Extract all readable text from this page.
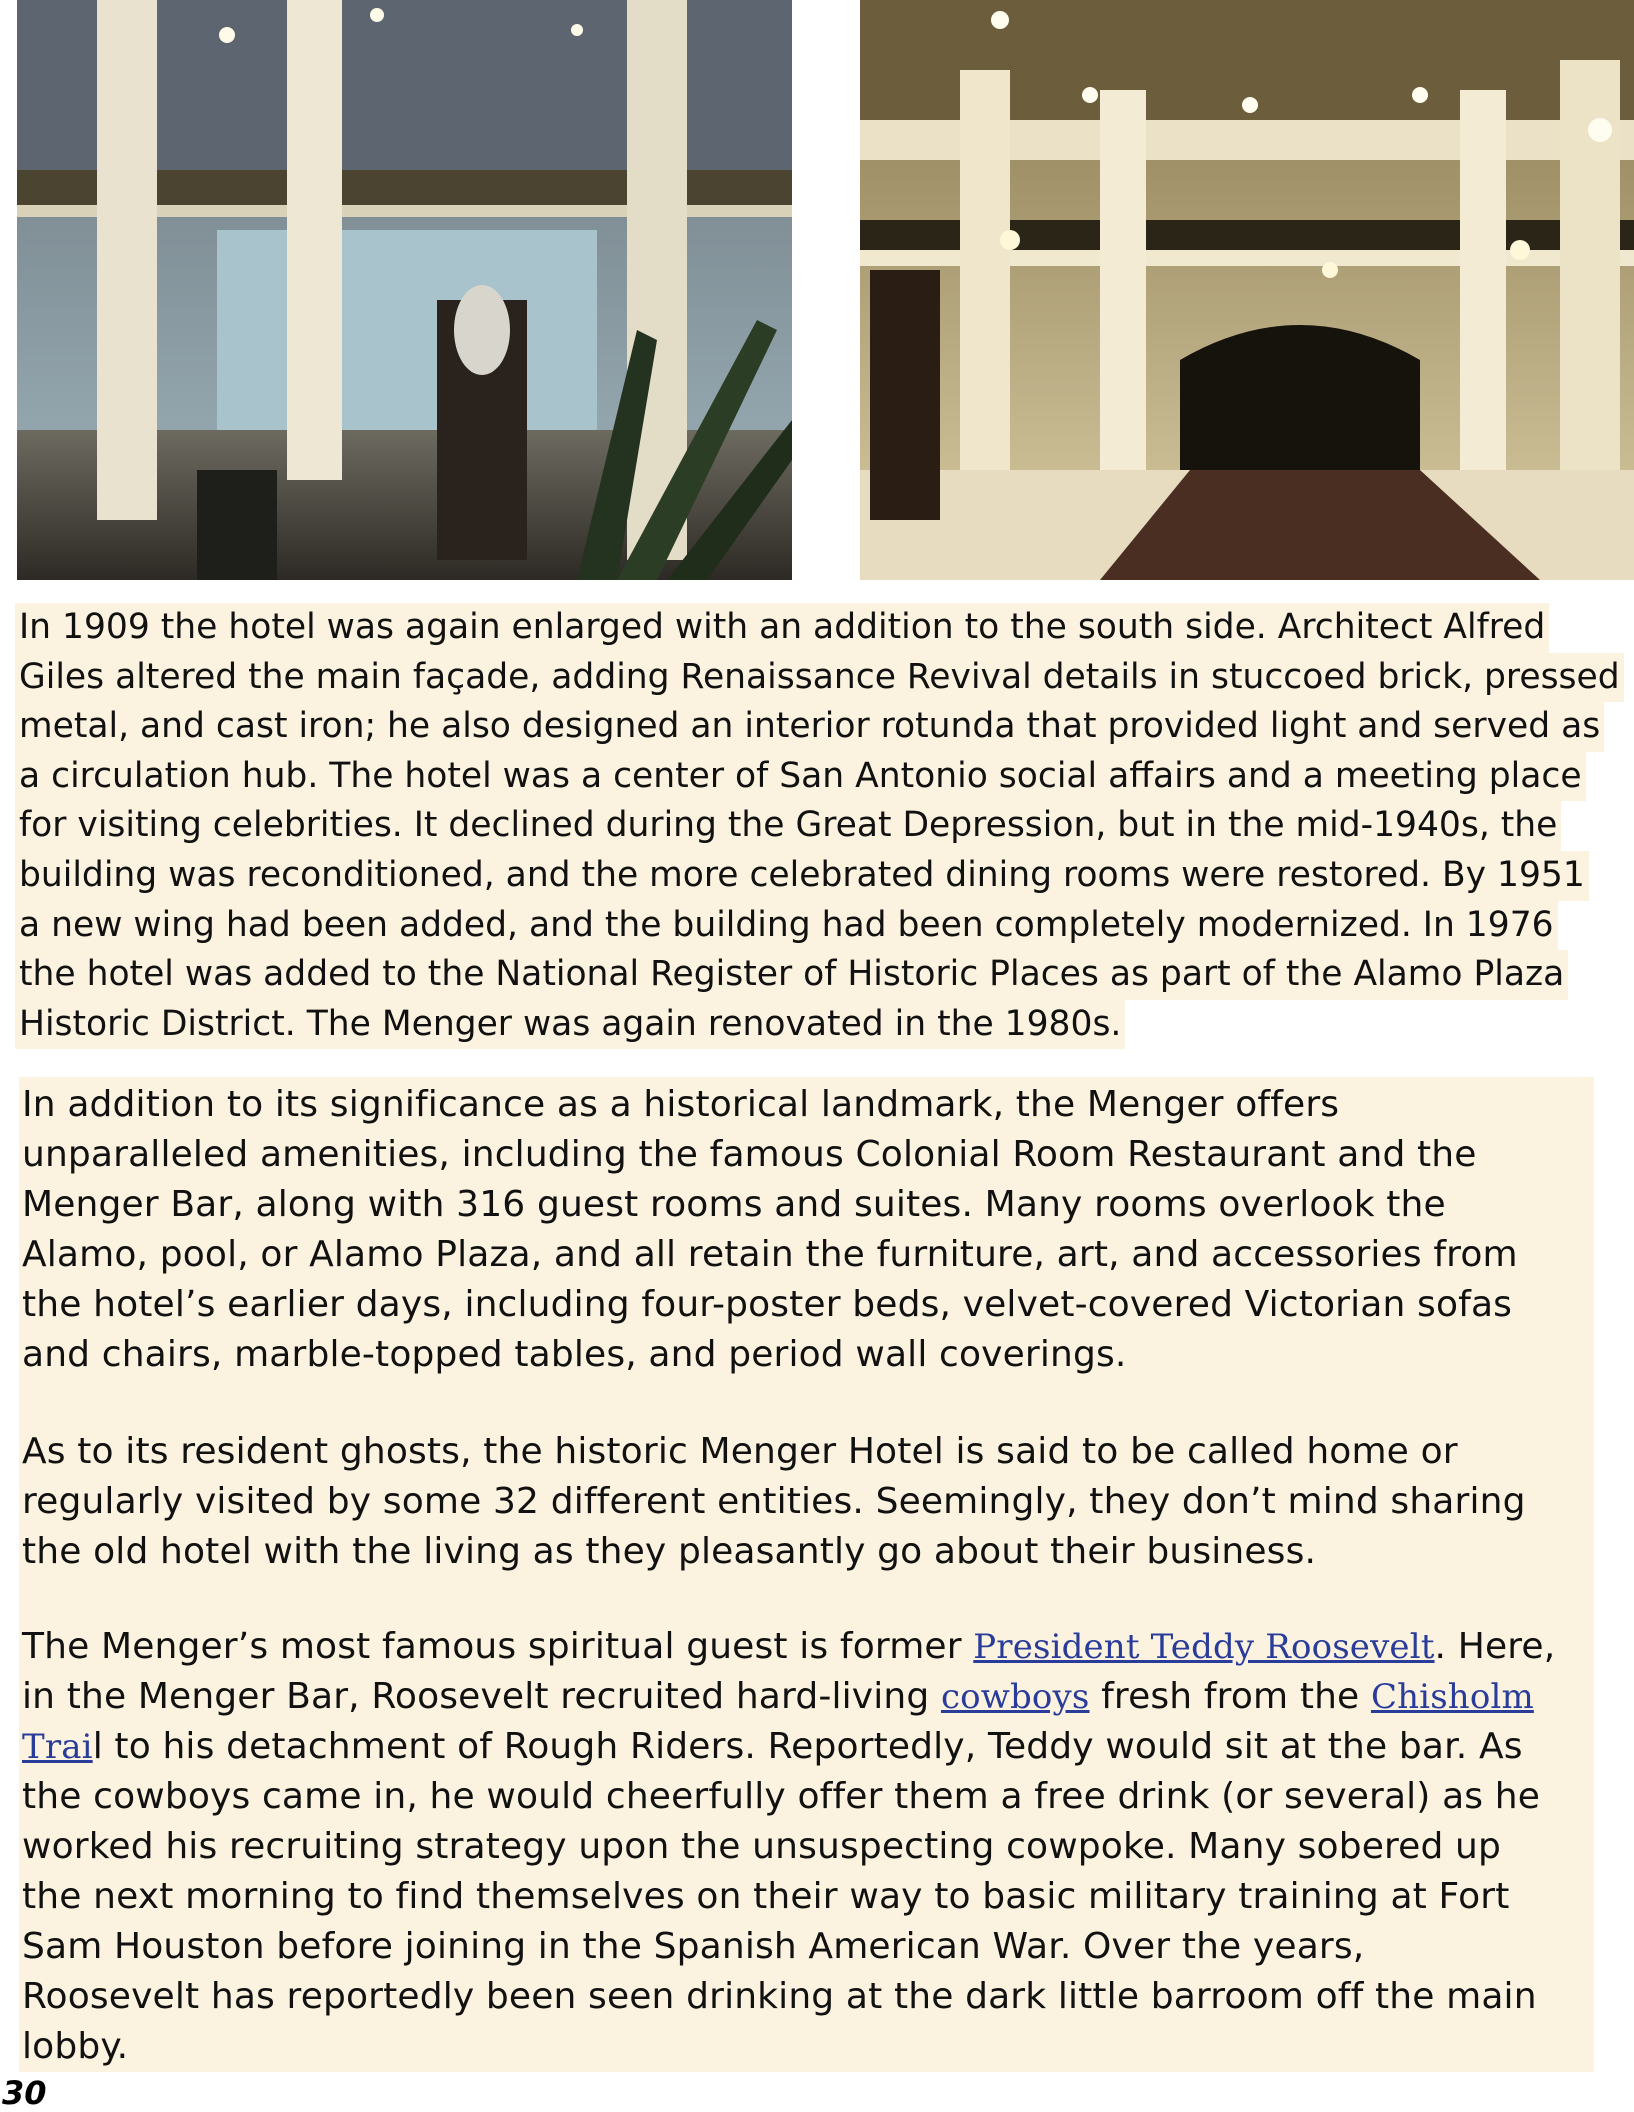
In 1909 the hotel was again enlarged with an addition to the south side. Architect Alfred
Giles altered the main façade, adding Renaissance Revival details in stuccoed brick, pressed
metal, and cast iron; he also designed an interior rotunda that provided light and served as
a circulation hub. The hotel was a center of San Antonio social affairs and a meeting place
for visiting celebrities. It declined during the Great Depression, but in the mid-1940s, the
building was reconditioned, and the more celebrated dining rooms were restored. By 1951
a new wing had been added, and the building had been completely modernized. In 1976
the hotel was added to the National Register of Historic Places as part of the Alamo Plaza
Historic District. The Menger was again renovated in the 1980s.
In addition to its significance as a historical landmark, the Menger offers
unparalleled amenities, including the famous Colonial Room Restaurant and the
Menger Bar, along with 316 guest rooms and suites. Many rooms overlook the
Alamo, pool, or Alamo Plaza, and all retain the furniture, art, and accessories from
the hotel’s earlier days, including four-poster beds, velvet-covered Victorian sofas
and chairs, marble-topped tables, and period wall coverings.
As to its resident ghosts, the historic Menger Hotel is said to be called home or
regularly visited by some 32 different entities. Seemingly, they don’t mind sharing
the old hotel with the living as they pleasantly go about their business.
The Menger’s most famous spiritual guest is former President Teddy Roosevelt. Here,
in the Menger Bar, Roosevelt recruited hard-living cowboys fresh from the Chisholm
Trail to his detachment of Rough Riders. Reportedly, Teddy would sit at the bar. As
the cowboys came in, he would cheerfully offer them a free drink (or several) as he
worked his recruiting strategy upon the unsuspecting cowpoke. Many sobered up
the next morning to find themselves on their way to basic military training at Fort
Sam Houston before joining in the Spanish American War. Over the years,
Roosevelt has reportedly been seen drinking at the dark little barroom off the main
lobby.
30
